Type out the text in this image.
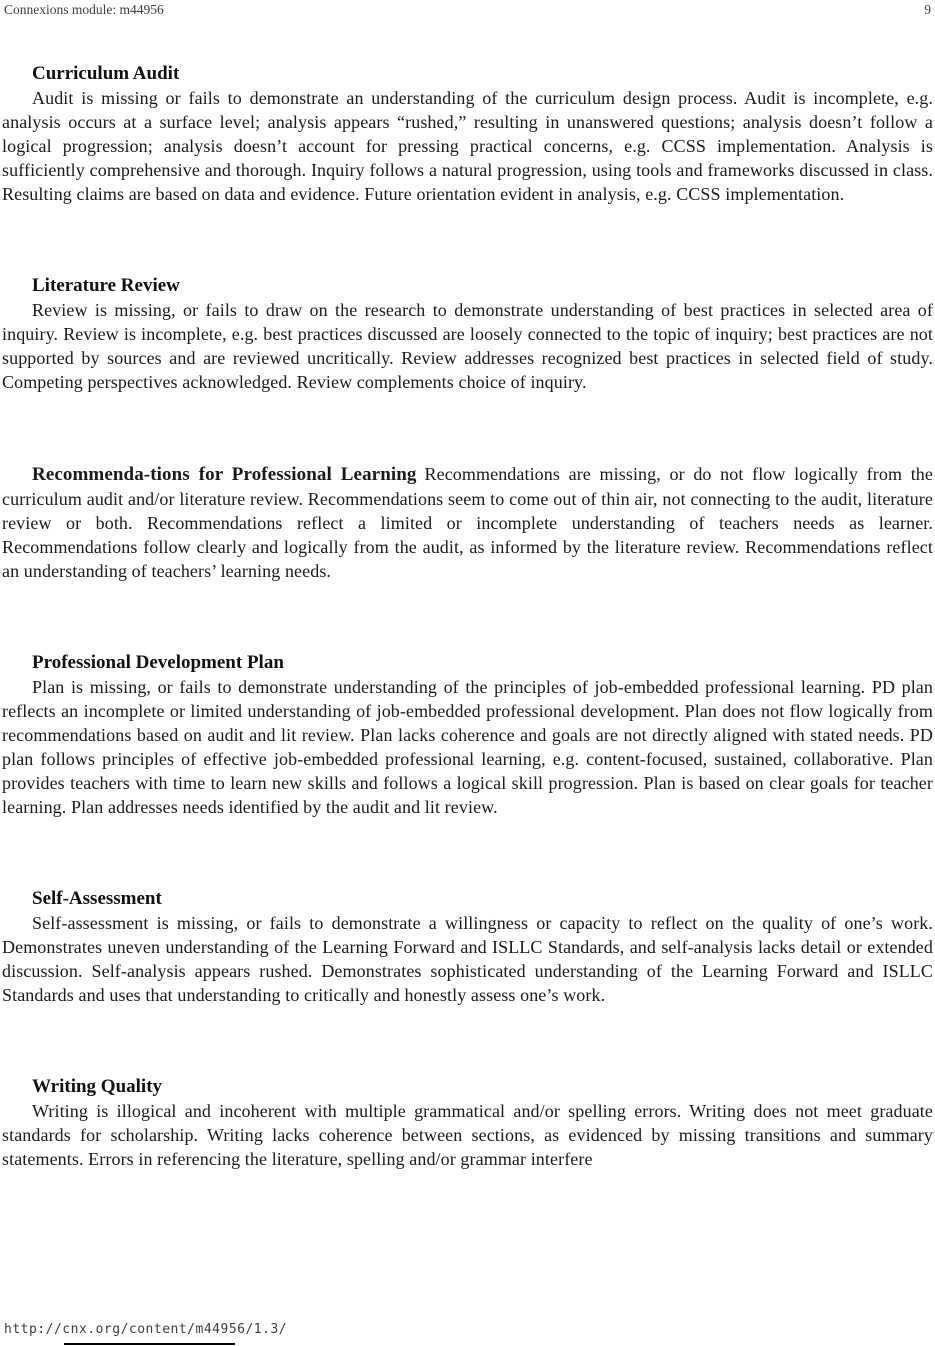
Connexions module: m44956	9
Curriculum Audit

Audit is missing or fails to demonstrate an understanding of the curriculum design process. Audit is incomplete, e.g. analysis occurs at a surface level; analysis appears “rushed,” resulting in unanswered questions; analysis doesn’t follow a logical progression; analysis doesn’t account for pressing practical concerns, e.g. CCSS implementation. Analysis is sufficiently comprehensive and thorough. Inquiry follows a natural progression, using tools and frameworks discussed in class. Resulting claims are based on data and evidence. Future orientation evident in analysis, e.g. CCSS implementation.

Literature Review

Review is missing, or fails to draw on the research to demonstrate understanding of best practices in selected area of inquiry. Review is incomplete, e.g. best practices discussed are loosely connected to the topic of inquiry; best practices are not supported by sources and are reviewed uncritically. Review addresses recognized best practices in selected field of study. Competing perspectives acknowledged. Review complements choice of inquiry.

Recommenda-tions for Professional Learning Recommendations are missing, or do not flow logically from the curriculum audit and/or literature review. Recommendations seem to come out of thin air, not connecting to the audit, literature review or both. Recommendations reflect a limited or incomplete understanding of teachers needs as learner. Recommendations follow clearly and logically from the audit, as informed by the literature review. Recommendations reflect an understanding of teachers’ learning needs.

Professional Development Plan

Plan is missing, or fails to demonstrate understanding of the principles of job-embedded professional learning. PD plan reflects an incomplete or limited understanding of job-embedded professional development. Plan does not flow logically from recommendations based on audit and lit review. Plan lacks coherence and goals are not directly aligned with stated needs. PD plan follows principles of effective job-embedded professional learning, e.g. content-focused, sustained, collaborative. Plan provides teachers with time to learn new skills and follows a logical skill progression. Plan is based on clear goals for teacher learning. Plan addresses needs identified by the audit and lit review.

Self-Assessment

Self-assessment is missing, or fails to demonstrate a willingness or capacity to reflect on the quality of one’s work. Demonstrates uneven understanding of the Learning Forward and ISLLC Standards, and self-analysis lacks detail or extended discussion. Self-analysis appears rushed. Demonstrates sophisticated understanding of the Learning Forward and ISLLC Standards and uses that understanding to critically and honestly assess one’s work.

Writing Quality

Writing is illogical and incoherent with multiple grammatical and/or spelling errors. Writing does not meet graduate standards for scholarship. Writing lacks coherence between sections, as evidenced by missing transitions and summary statements. Errors in referencing the literature, spelling and/or grammar interfere

http://cnx.org/content/m44956/1.3/
